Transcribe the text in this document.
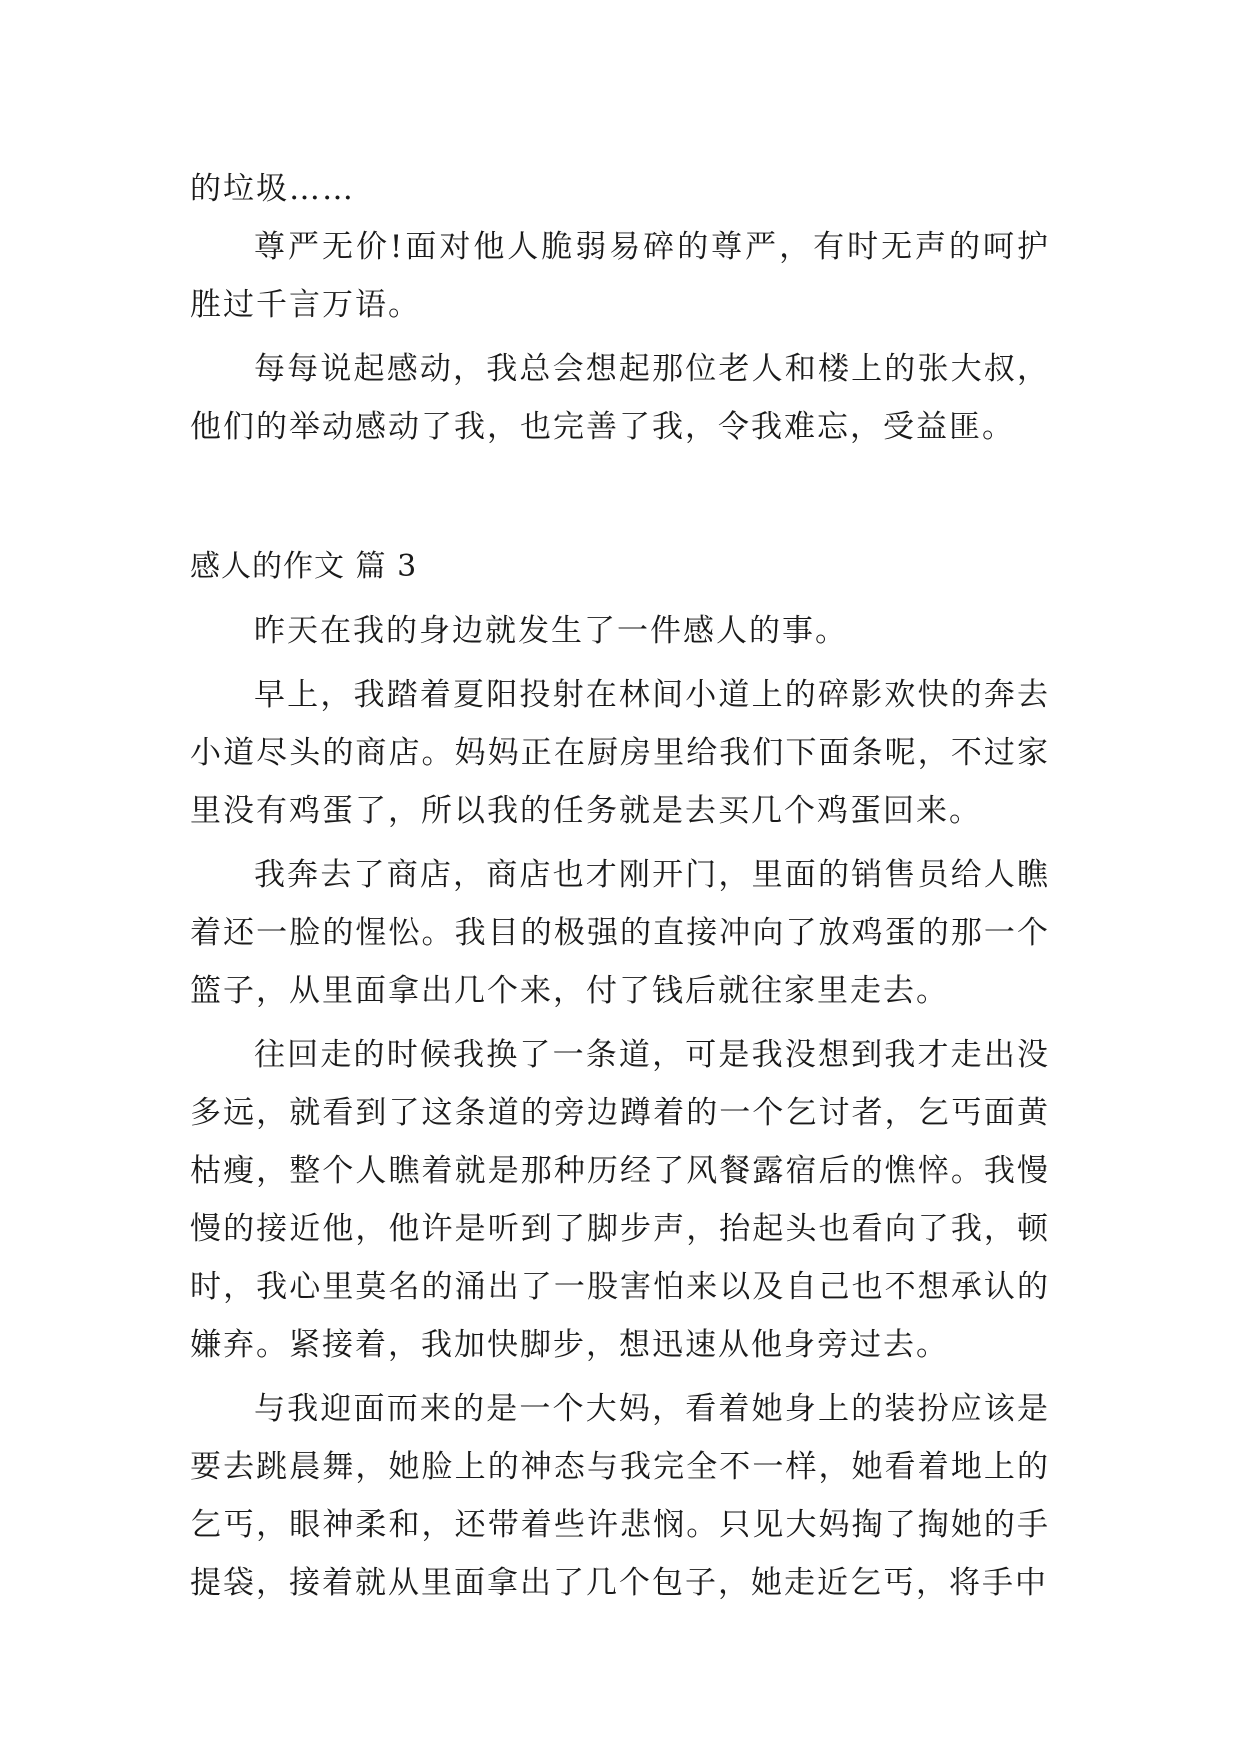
的垃圾……

尊严无价!面对他人脆弱易碎的尊严，有时无声的呵护胜过千言万语。

每每说起感动，我总会想起那位老人和楼上的张大叔，他们的举动感动了我，也完善了我，令我难忘，受益匪。

感人的作文 篇 3

昨天在我的身边就发生了一件感人的事。

早上，我踏着夏阳投射在林间小道上的碎影欢快的奔去小道尽头的商店。妈妈正在厨房里给我们下面条呢，不过家里没有鸡蛋了，所以我的任务就是去买几个鸡蛋回来。

我奔去了商店，商店也才刚开门，里面的销售员给人瞧着还一脸的惺忪。我目的极强的直接冲向了放鸡蛋的那一个篮子，从里面拿出几个来，付了钱后就往家里走去。

往回走的时候我换了一条道，可是我没想到我才走出没多远，就看到了这条道的旁边蹲着的一个乞讨者，乞丐面黄枯瘦，整个人瞧着就是那种历经了风餐露宿后的憔悴。我慢慢的接近他，他许是听到了脚步声，抬起头也看向了我，顿时，我心里莫名的涌出了一股害怕来以及自己也不想承认的嫌弃。紧接着，我加快脚步，想迅速从他身旁过去。

与我迎面而来的是一个大妈，看着她身上的装扮应该是要去跳晨舞，她脸上的神态与我完全不一样，她看着地上的乞丐，眼神柔和，还带着些许悲悯。只见大妈掏了掏她的手提袋，接着就从里面拿出了几个包子，她走近乞丐，将手中
